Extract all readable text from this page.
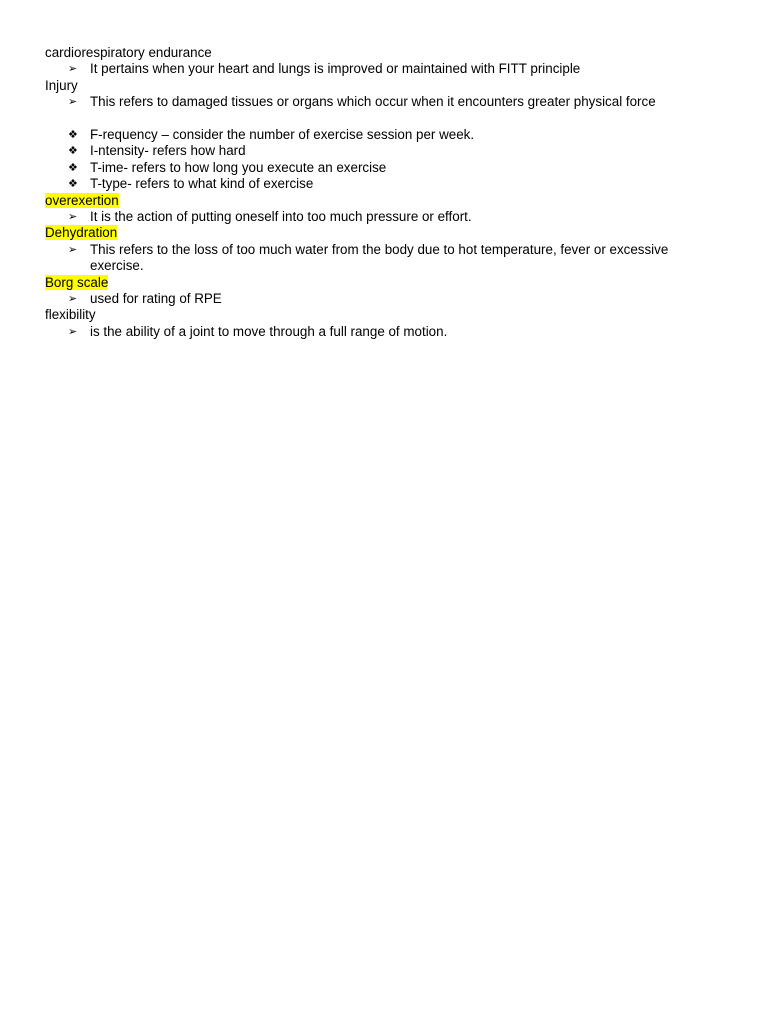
cardiorespiratory endurance
➢ It pertains when your heart and lungs is improved or maintained with FITT principle
Injury
➢ This refers to damaged tissues or organs which occur when it encounters greater physical force
❖ F-requency – consider the number of exercise session per week.
❖ I-ntensity- refers how hard
❖ T-ime- refers to how long you execute an exercise
❖ T-type- refers to what kind of exercise
overexertion
➢ It is the action of putting oneself into too much pressure or effort.
Dehydration
➢ This refers to the loss of too much water from the body due to hot temperature, fever or excessive exercise.
Borg scale
➢ used for rating of RPE
flexibility
➢ is the ability of a joint to move through a full range of motion.
